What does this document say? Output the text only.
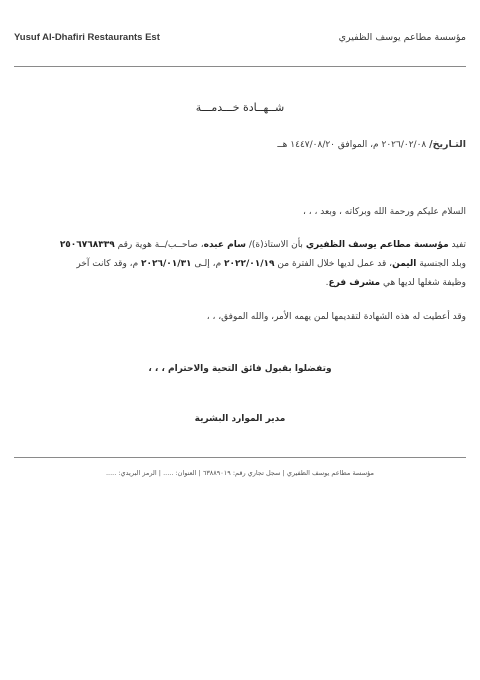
Yusuf Al-Dhafiri Restaurants Est	مؤسسة مطاعم يوسف الظفيري
شــهــادة خـــدمـــة
التـاريخ/ ٢٠٢٦/٠٢/٠٨ م، الموافق ١٤٤٧/٠٨/٢٠ هــ
السلام عليكم ورحمة الله وبركاته ، وبعد ، ، ،
تفيد مؤسسة مطاعم يوسف الظفيري بأن الاستاذ(ة)/ سام عبده، صاحــب/ــة هوية رقم ٢٥٠٦٧٦٨٣٣٩
وبلد الجنسية اليمن، قد عمل لديها خلال الفترة من ٢٠٢٢/٠١/١٩ م، إلـى ٢٠٢٦/٠١/٣١ م، وقد كانت آخر
وظيفة شغلها لديها هي مشرف فرع.
وقد أعطيت له هذه الشهادة لتقديمها لمن يهمه الأمر، والله الموفق، ، ،
وتفضلوا بقبول فائق التحية والاحترام ، ، ،
مدير الموارد البشرية
مؤسسة مطاعم يوسف الظفيري | سجل تجاري رقم: ٦٣٨٨٩٠١٩ | العنوان: ..... | الرمز البريدي: .....
